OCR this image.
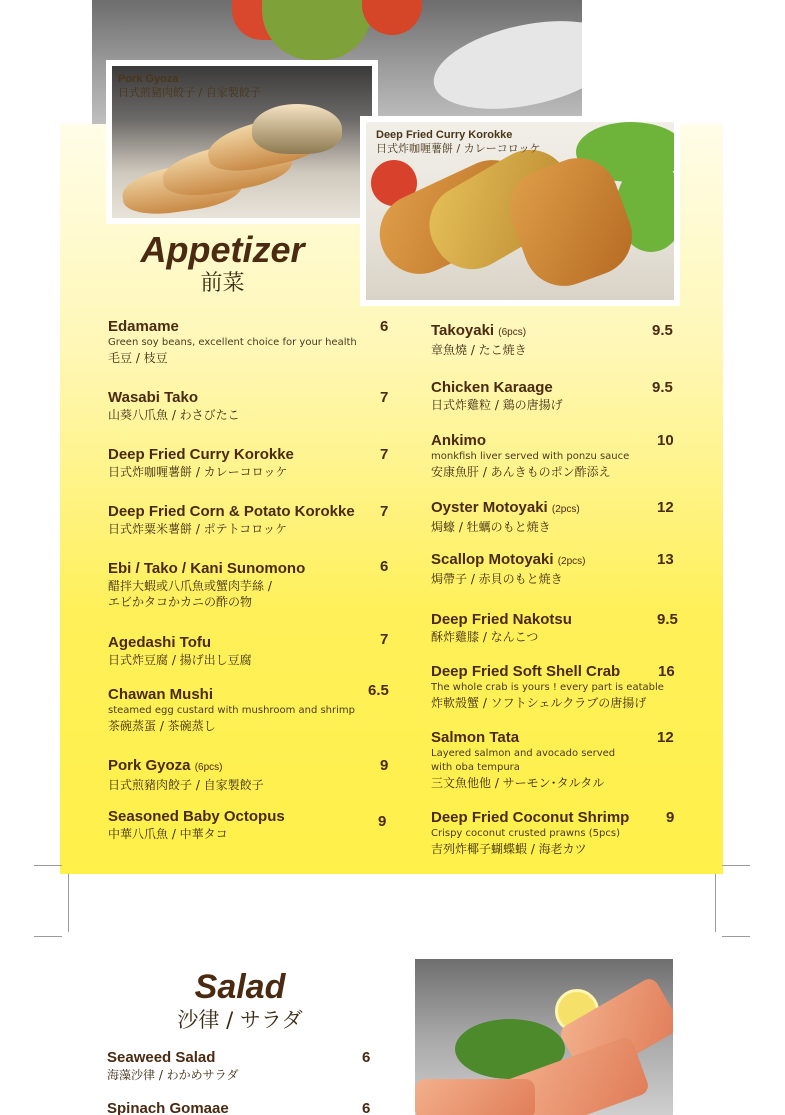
Pork Gyoza
日式煎豬肉餃子 / 自家製餃子
Deep Fried Curry Korokke
日式炸咖喱薯餅 / カレーコロッケ
Appetizer
前菜
Edamame
Green soy beans, excellent choice for your health
毛豆 / 枝豆
6
Wasabi Tako
山葵八爪魚 / わさびたこ
7
Deep Fried Curry Korokke
日式炸咖喱薯餅 / カレーコロッケ
7
Deep Fried Corn & Potato Korokke
日式炸粟米薯餅 / ポテトコロッケ
7
Ebi / Tako / Kani Sunomono
醋拌大蝦或八爪魚或蟹肉芋絲 /
エビかタコかカニの酢の物
6
Agedashi Tofu
日式炸豆腐 / 揚げ出し豆腐
7
Chawan Mushi
steamed egg custard with mushroom and shrimp
茶碗蒸蛋 / 茶碗蒸し
6.5
Pork Gyoza (6pcs)
日式煎豬肉餃子 / 自家製餃子
9
Seasoned Baby Octopus
中華八爪魚 / 中華タコ
9
Takoyaki (6pcs)
章魚燒 / たこ焼き
9.5
Chicken Karaage
日式炸雞粒 / 鶏の唐揚げ
9.5
Ankimo
monkfish liver served with ponzu sauce
安康魚肝 / あんきものポン酢添え
10
Oyster Motoyaki (2pcs)
焗蠔 / 牡蠣のもと焼き
12
Scallop Motoyaki (2pcs)
焗帶子 / 赤貝のもと焼き
13
Deep Fried Nakotsu
酥炸雞膝 / なんこつ
9.5
Deep Fried Soft Shell Crab
The whole crab is yours ! every part is eatable
炸軟殼蟹 / ソフトシェルクラブの唐揚げ
16
Salmon Tata
Layered salmon and avocado served
with oba tempura
三文魚他他 / サーモン･タルタル
12
Deep Fried Coconut Shrimp
Crispy coconut crusted prawns (5pcs)
吉列炸椰子蝴蝶蝦 / 海老カツ
9
Salad
沙律 / サラダ
Seaweed Salad
海藻沙律 / わかめサラダ
6
Spinach Gomaae	6
